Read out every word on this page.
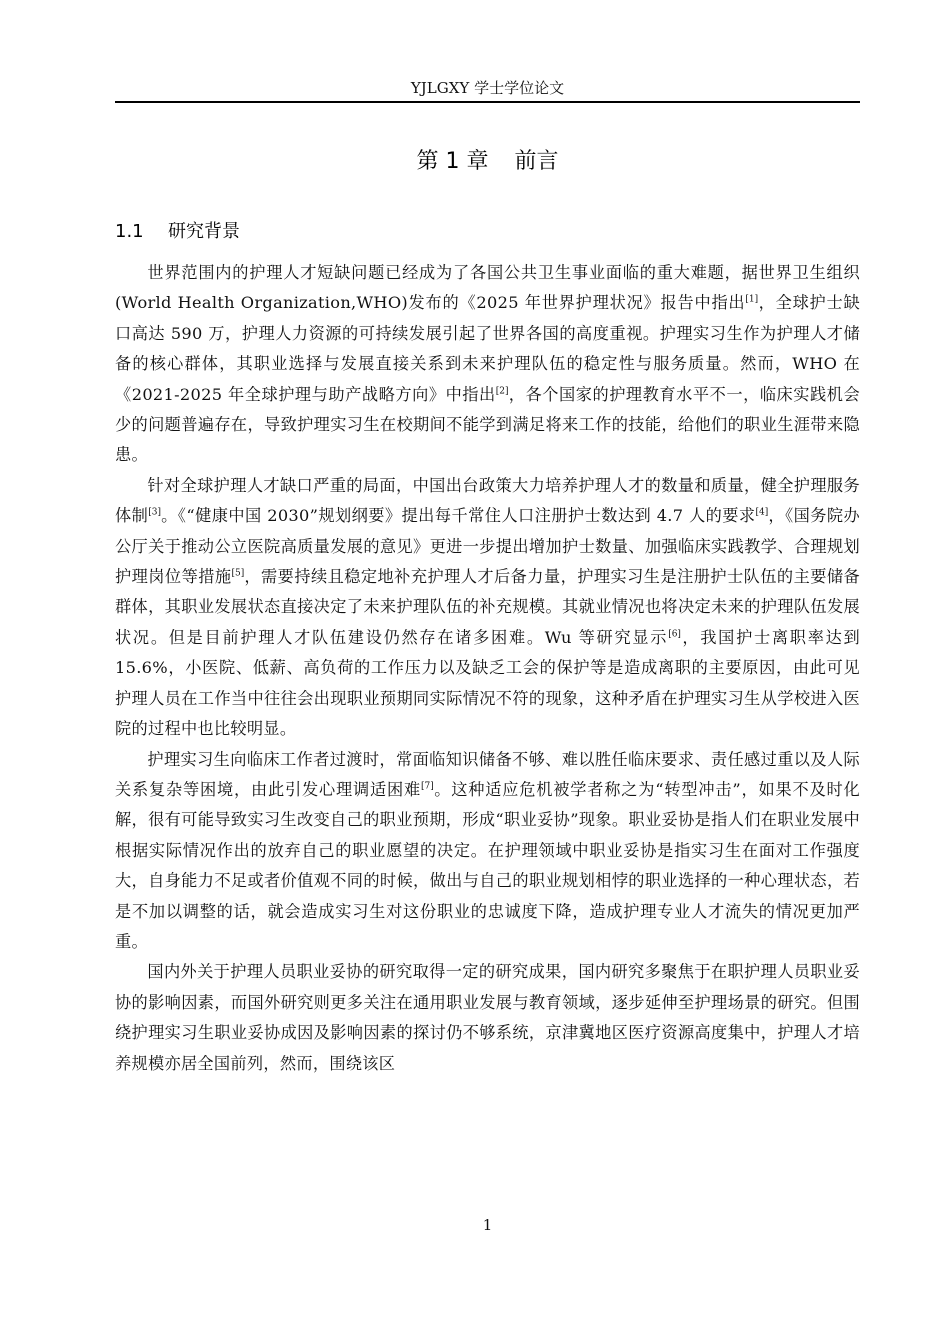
YJLGXY 学士学位论文
第 1 章 前言
1.1 研究背景

世界范围内的护理人才短缺问题已经成为了各国公共卫生事业面临的重大难题，据世界卫生组织(World Health Organization,WHO)发布的《2025 年世界护理状况》报告中指出[1]，全球护士缺口高达 590 万，护理人力资源的可持续发展引起了世界各国的高度重视。护理实习生作为护理人才储备的核心群体，其职业选择与发展直接关系到未来护理队伍的稳定性与服务质量。然而，WHO 在《2021-2025 年全球护理与助产战略方向》中指出[2]，各个国家的护理教育水平不一，临床实践机会少的问题普遍存在，导致护理实习生在校期间不能学到满足将来工作的技能，给他们的职业生涯带来隐患。

针对全球护理人才缺口严重的局面，中国出台政策大力培养护理人才的数量和质量，健全护理服务体制[3]。《“健康中国 2030”规划纲要》提出每千常住人口注册护士数达到 4.7 人的要求[4]，《国务院办公厅关于推动公立医院高质量发展的意见》更进一步提出增加护士数量、加强临床实践教学、合理规划护理岗位等措施[5]，需要持续且稳定地补充护理人才后备力量，护理实习生是注册护士队伍的主要储备群体，其职业发展状态直接决定了未来护理队伍的补充规模。其就业情况也将决定未来的护理队伍发展状况。但是目前护理人才队伍建设仍然存在诸多困难。Wu 等研究显示[6]，我国护士离职率达到 15.6%，小医院、低薪、高负荷的工作压力以及缺乏工会的保护等是造成离职的主要原因，由此可见护理人员在工作当中往往会出现职业预期同实际情况不符的现象，这种矛盾在护理实习生从学校进入医院的过程中也比较明显。

护理实习生向临床工作者过渡时，常面临知识储备不够、难以胜任临床要求、责任感过重以及人际关系复杂等困境，由此引发心理调适困难[7]。这种适应危机被学者称之为“转型冲击”，如果不及时化解，很有可能导致实习生改变自己的职业预期，形成“职业妥协”现象。职业妥协是指人们在职业发展中根据实际情况作出的放弃自己的职业愿望的决定。在护理领域中职业妥协是指实习生在面对工作强度大，自身能力不足或者价值观不同的时候，做出与自己的职业规划相悖的职业选择的一种心理状态，若是不加以调整的话，就会造成实习生对这份职业的忠诚度下降，造成护理专业人才流失的情况更加严重。

国内外关于护理人员职业妥协的研究取得一定的研究成果，国内研究多聚焦于在职护理人员职业妥协的影响因素，而国外研究则更多关注在通用职业发展与教育领域，逐步延伸至护理场景的研究。但围绕护理实习生职业妥协成因及影响因素的探讨仍不够系统，京津冀地区医疗资源高度集中，护理人才培养规模亦居全国前列，然而，围绕该区

1
